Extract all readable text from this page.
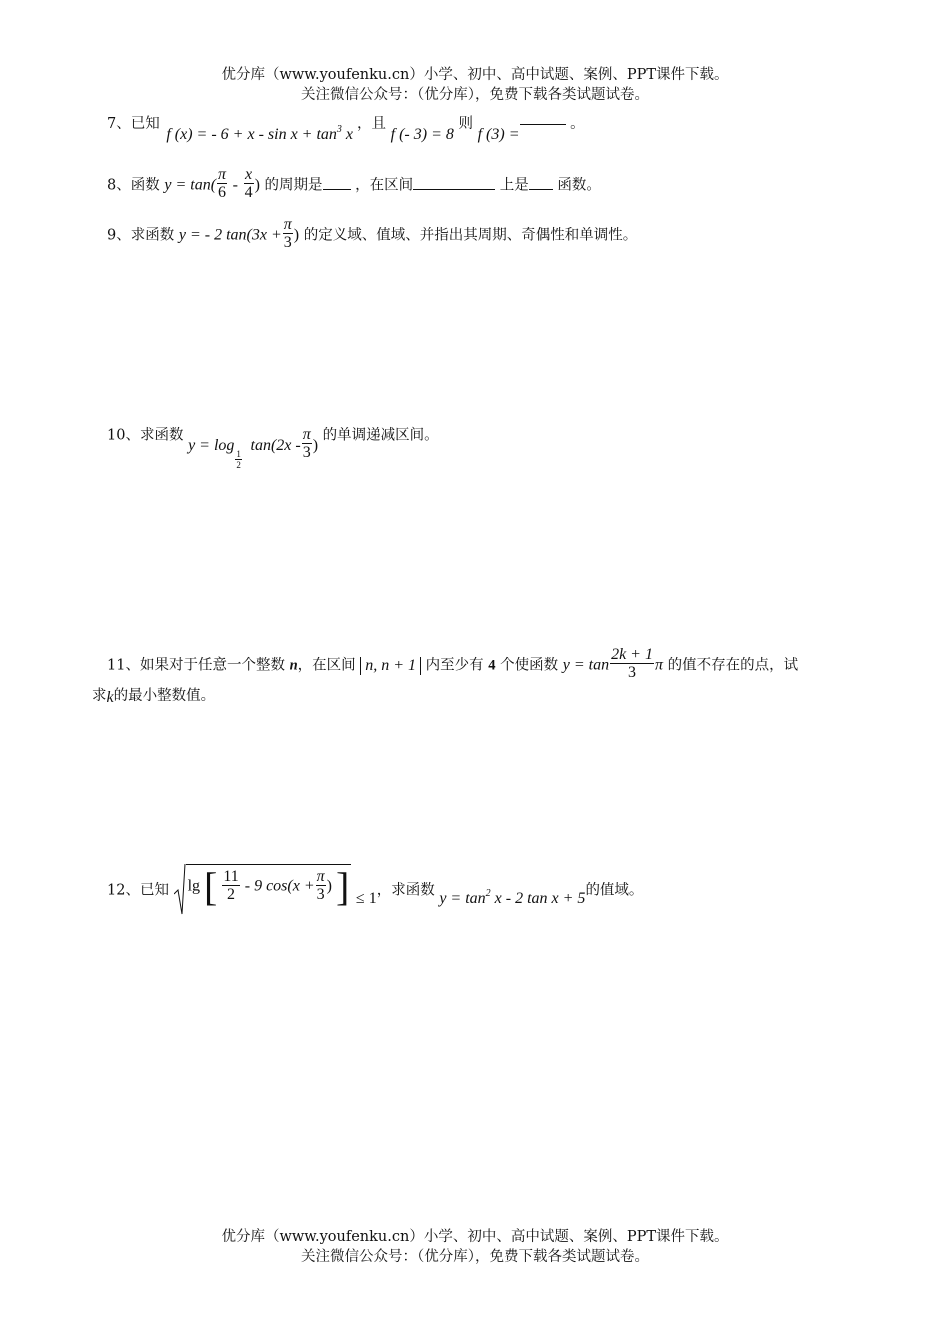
优分库（www.youfenku.cn）小学、初中、高中试题、案例、PPT课件下载。
关注微信公众号：（优分库），免费下载各类试题试卷。
7、已知 f (x) = - $6 + x - \sin x + \tan^3 x$ ，且 f (- 3) = 8 则 f (3) = 。
8、函数 $y = \tan( \frac{\pi}{6} - \frac{x}{4}$ ) 的周期是 ，在区间	上是 函数。
9、求函数 y = - 2 $\tan(3x + \frac{\pi}{3}$ ) 的定义域、值域、并指出其周期、奇偶性和单调性。
10、求函数 y = log
$\frac{1}{2}$
$\tan(2x - \frac{\pi}{3}$ ) 的单调递减区间。
11、如果对于任意一个整数 n，在区间 n, n + 1 内至少有 4 个使函数 $y = \tan \frac{2k + 1}{3}$ π 的值不存在的点，试
求k的最小整数值。
12、已知 lg [ $\frac{11}{2} - 9$ $\cos(x + \frac{\pi}{3}$ ) ] ≤ 1，求函数 $y = \tan^2 x - 2$ tan x + 5的值域。
优分库（www.youfenku.cn）小学、初中、高中试题、案例、PPT课件下载。
关注微信公众号：（优分库），免费下载各类试题试卷。
